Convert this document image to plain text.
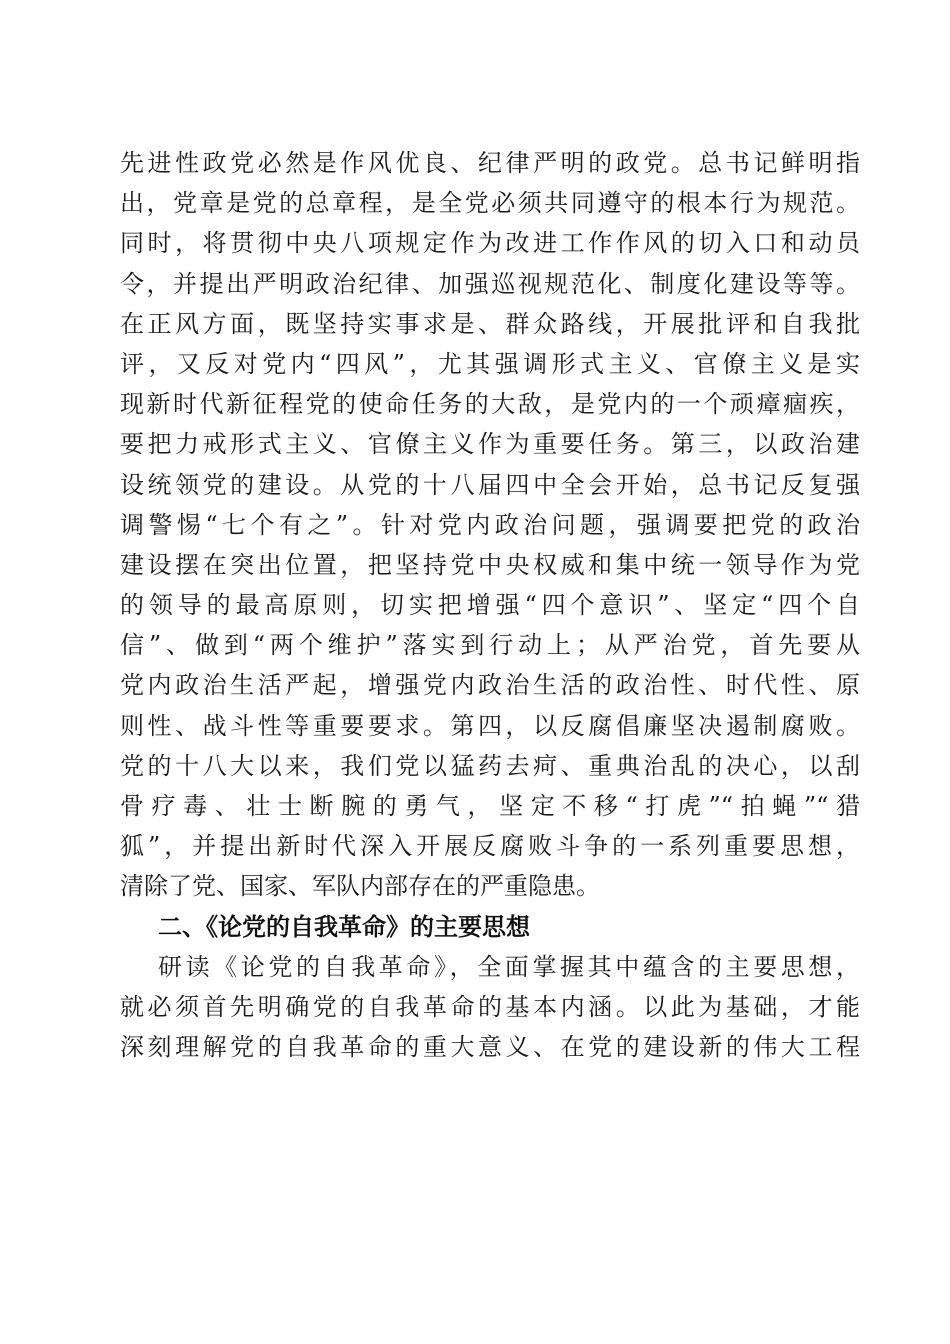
先进性政党必然是作风优良、纪律严明的政党。总书记鲜明指
出，党章是党的总章程，是全党必须共同遵守的根本行为规范。
同时，将贯彻中央八项规定作为改进工作作风的切入口和动员
令，并提出严明政治纪律、加强巡视规范化、制度化建设等等。
在正风方面，既坚持实事求是、群众路线，开展批评和自我批
评，又反对党内“四风”，尤其强调形式主义、官僚主义是实
现新时代新征程党的使命任务的大敌，是党内的一个顽瘴痼疾，
要把力戒形式主义、官僚主义作为重要任务。第三，以政治建
设统领党的建设。从党的十八届四中全会开始，总书记反复强
调警惕“七个有之”。针对党内政治问题，强调要把党的政治
建设摆在突出位置，把坚持党中央权威和集中统一领导作为党
的领导的最高原则，切实把增强“四个意识”、坚定“四个自
信”、做到“两个维护”落实到行动上；从严治党，首先要从
党内政治生活严起，增强党内政治生活的政治性、时代性、原
则性、战斗性等重要要求。第四，以反腐倡廉坚决遏制腐败。
党的十八大以来，我们党以猛药去疴、重典治乱的决心，以刮
骨疗毒、壮士断腕的勇气，坚定不移“打虎”“拍蝇”“猎
狐”，并提出新时代深入开展反腐败斗争的一系列重要思想，
清除了党、国家、军队内部存在的严重隐患。
二、《论党的自我革命》的主要思想
研读《论党的自我革命》，全面掌握其中蕴含的主要思想，
就必须首先明确党的自我革命的基本内涵。以此为基础，才能
深刻理解党的自我革命的重大意义、在党的建设新的伟大工程
